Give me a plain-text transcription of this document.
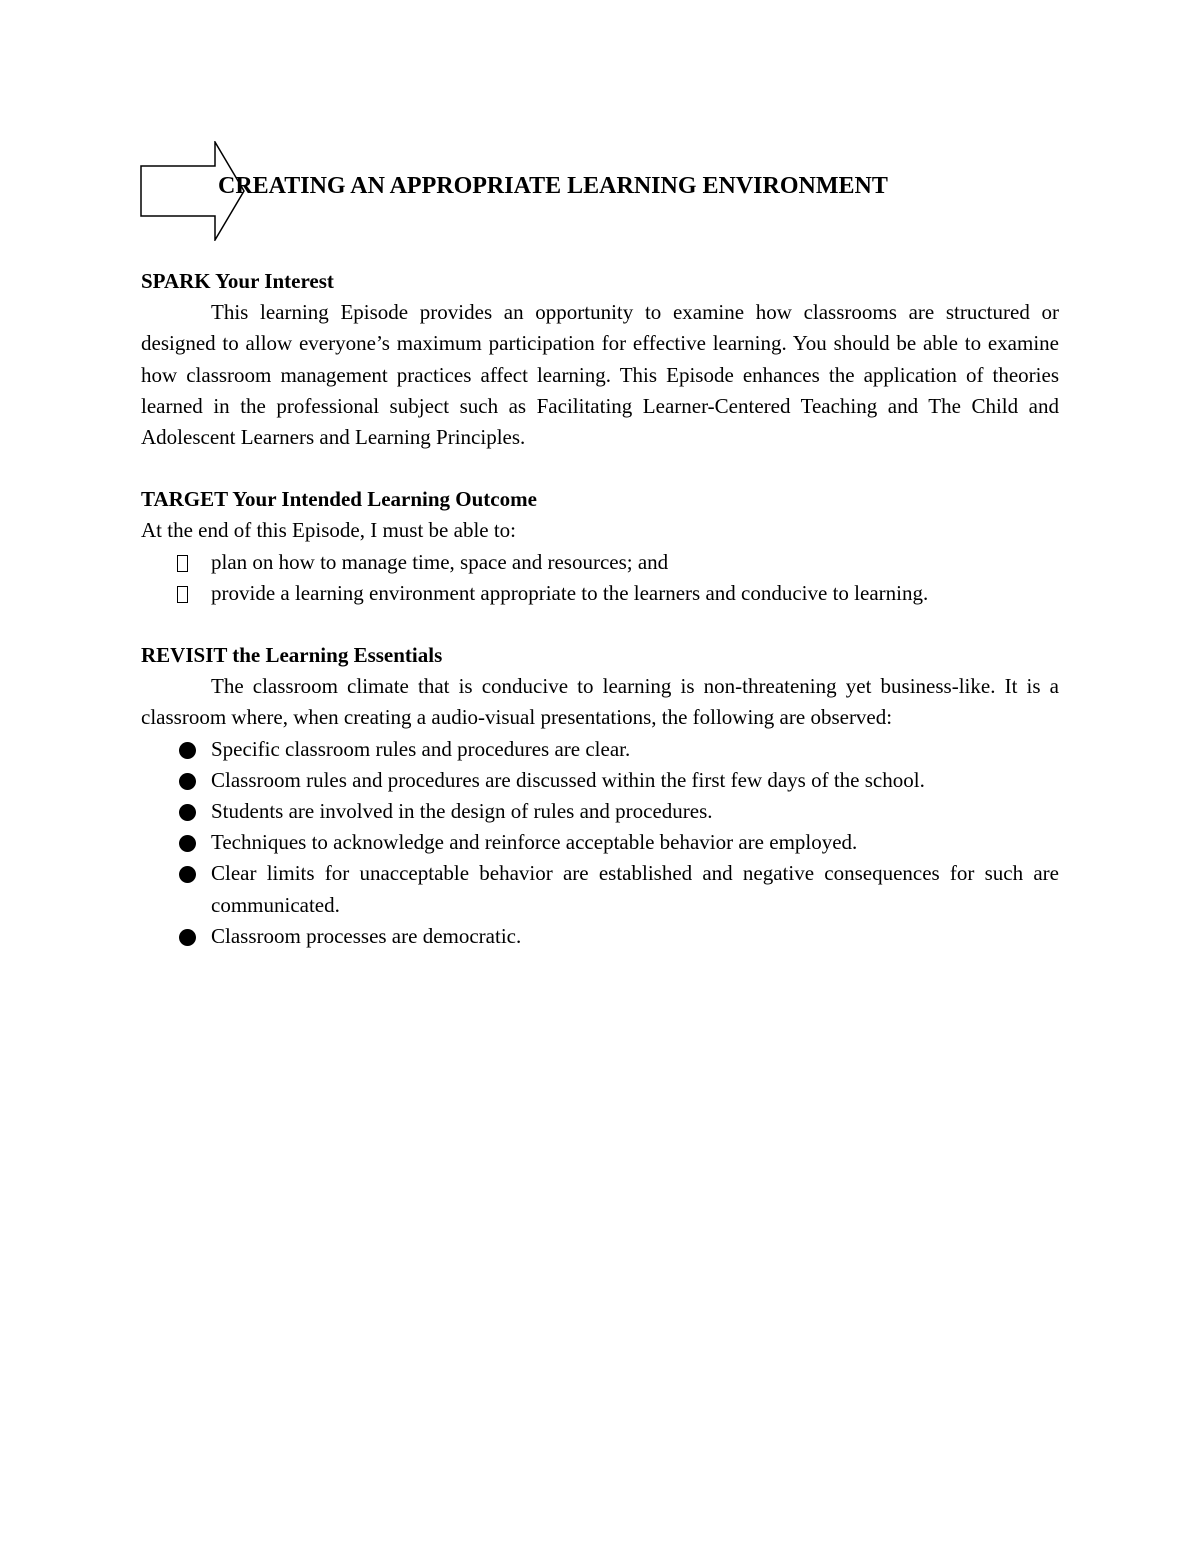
CREATING AN APPROPRIATE LEARNING ENVIRONMENT

SPARK Your Interest

This learning Episode provides an opportunity to examine how classrooms are structured or designed to allow everyone’s maximum participation for effective learning. You should be able to examine how classroom management practices affect learning. This Episode enhances the application of theories learned in the professional subject such as Facilitating Learner-Centered Teaching and The Child and Adolescent Learners and Learning Principles.

TARGET Your Intended Learning Outcome

At the end of this Episode, I must be able to:

plan on how to manage time, space and resources; and
provide a learning environment appropriate to the learners and conducive to learning.

REVISIT the Learning Essentials

The classroom climate that is conducive to learning is non-threatening yet business-like. It is a classroom where, when creating a audio-visual presentations, the following are observed:

Specific classroom rules and procedures are clear.
Classroom rules and procedures are discussed within the first few days of the school.
Students are involved in the design of rules and procedures.
Techniques to acknowledge and reinforce acceptable behavior are employed.
Clear limits for unacceptable behavior are established and negative consequences for such are communicated.
Classroom processes are democratic.
